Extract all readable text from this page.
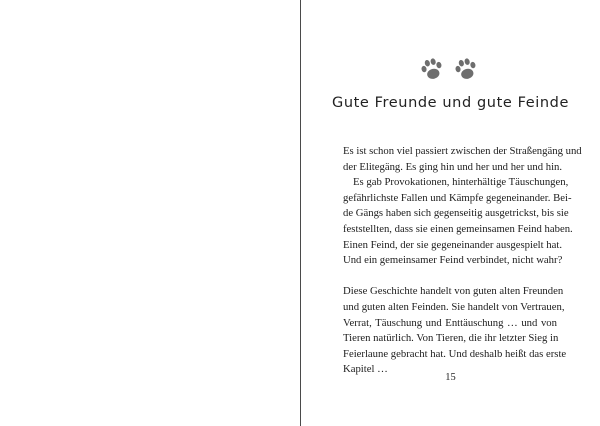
Gute Freunde und gute Feinde
Es ist schon viel passiert zwischen der Straßengäng und
der Elitegäng. Es ging hin und her und her und hin.
Es gab Provokationen, hinterhältige Täuschungen,
gefährlichste Fallen und Kämpfe gegeneinander. Bei-
de Gängs haben sich gegenseitig ausgetrickst, bis sie
feststellten, dass sie einen gemeinsamen Feind haben.
Einen Feind, der sie gegeneinander ausgespielt hat.
Und ein gemeinsamer Feind verbindet, nicht wahr?
Diese Geschichte handelt von guten alten Freunden
und guten alten Feinden. Sie handelt von Vertrauen,
Verrat, Täuschung und Enttäuschung … und von
Tieren natürlich. Von Tieren, die ihr letzter Sieg in
Feierlaune gebracht hat. Und deshalb heißt das erste
Kapitel …
15
